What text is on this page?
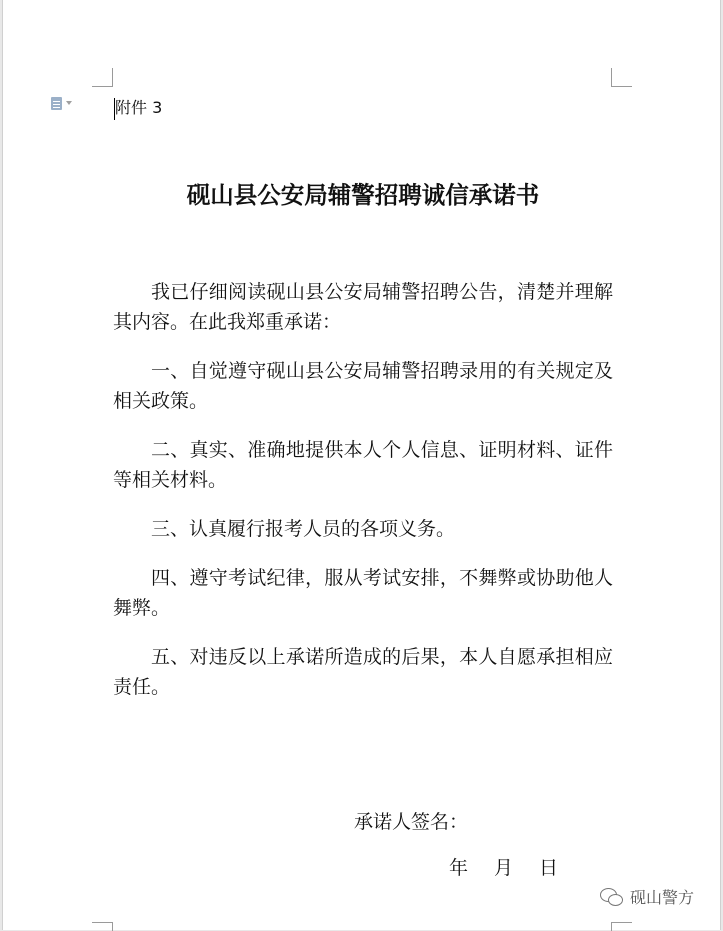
附件 3
砚山县公安局辅警招聘诚信承诺书

我已仔细阅读砚山县公安局辅警招聘公告，清楚并理解其内容。在此我郑重承诺：

一、自觉遵守砚山县公安局辅警招聘录用的有关规定及相关政策。

二、真实、准确地提供本人个人信息、证明材料、证件等相关材料。

三、认真履行报考人员的各项义务。

四、遵守考试纪律，服从考试安排，不舞弊或协助他人舞弊。

五、对违反以上承诺所造成的后果，本人自愿承担相应责任。

承诺人签名：
年 月 日
砚山警方
